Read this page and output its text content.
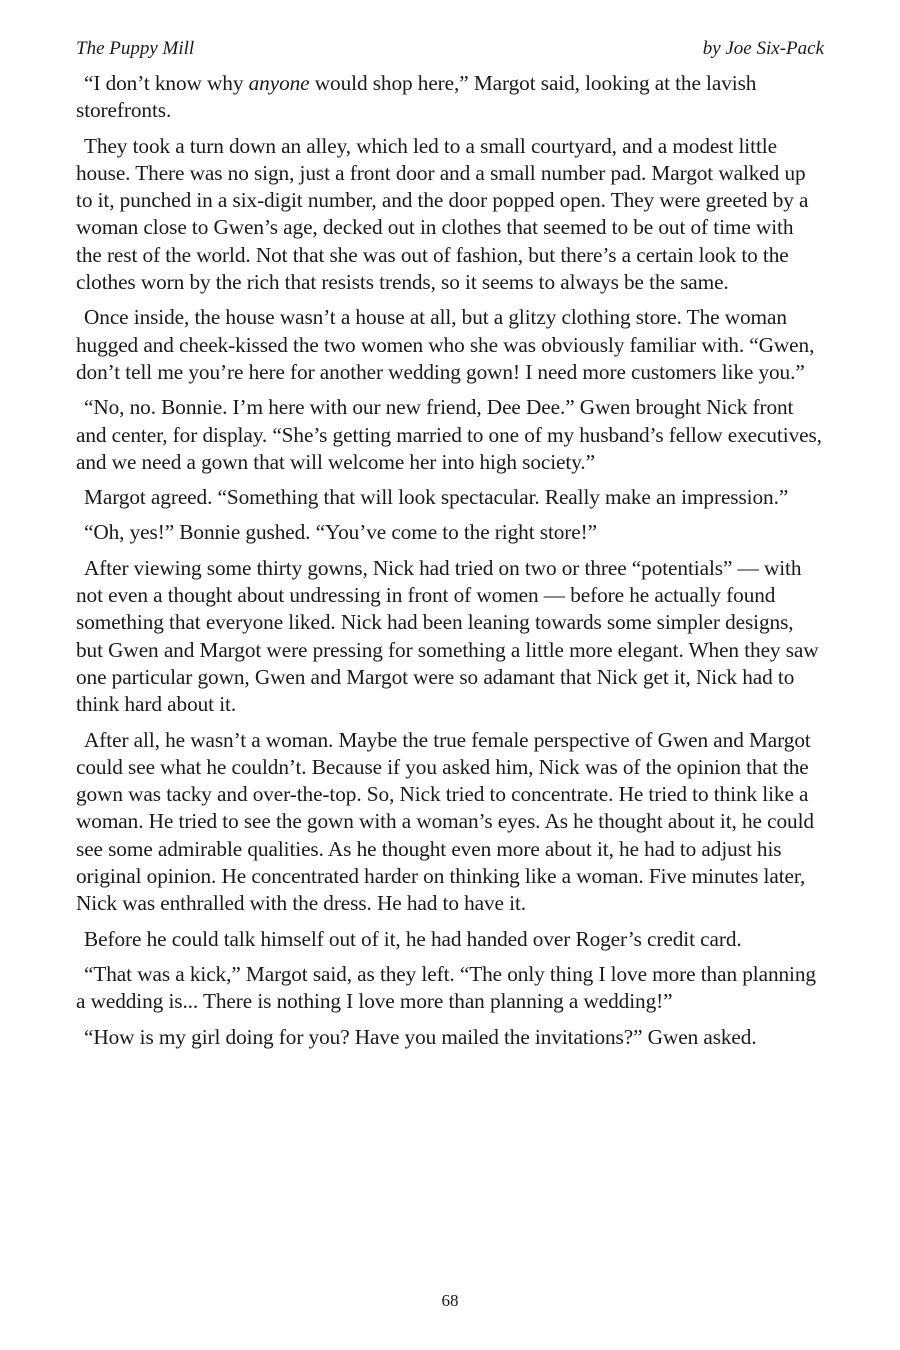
The Puppy Mill	by Joe Six-Pack

“I don’t know why anyone would shop here,” Margot said, looking at the lavish storefronts.

They took a turn down an alley, which led to a small courtyard, and a modest little house. There was no sign, just a front door and a small number pad. Margot walked up to it, punched in a six-digit number, and the door popped open. They were greeted by a woman close to Gwen’s age, decked out in clothes that seemed to be out of time with the rest of the world. Not that she was out of fashion, but there’s a certain look to the clothes worn by the rich that resists trends, so it seems to always be the same.

Once inside, the house wasn’t a house at all, but a glitzy clothing store. The woman hugged and cheek-kissed the two women who she was obviously familiar with. “Gwen, don’t tell me you’re here for another wedding gown! I need more customers like you.”

“No, no. Bonnie. I’m here with our new friend, Dee Dee.” Gwen brought Nick front and center, for display. “She’s getting married to one of my husband’s fellow executives, and we need a gown that will welcome her into high society.”

Margot agreed. “Something that will look spectacular. Really make an impression.”

“Oh, yes!” Bonnie gushed. “You’ve come to the right store!”

After viewing some thirty gowns, Nick had tried on two or three “potentials” — with not even a thought about undressing in front of women — before he actually found something that everyone liked. Nick had been leaning towards some simpler designs, but Gwen and Margot were pressing for something a little more elegant. When they saw one particular gown, Gwen and Margot were so adamant that Nick get it, Nick had to think hard about it.

After all, he wasn’t a woman. Maybe the true female perspective of Gwen and Margot could see what he couldn’t. Because if you asked him, Nick was of the opinion that the gown was tacky and over-the-top. So, Nick tried to concentrate. He tried to think like a woman. He tried to see the gown with a woman’s eyes. As he thought about it, he could see some admirable qualities. As he thought even more about it, he had to adjust his original opinion. He concentrated harder on thinking like a woman. Five minutes later, Nick was enthralled with the dress. He had to have it.

Before he could talk himself out of it, he had handed over Roger’s credit card.

“That was a kick,” Margot said, as they left. “The only thing I love more than planning a wedding is... There is nothing I love more than planning a wedding!”

“How is my girl doing for you? Have you mailed the invitations?” Gwen asked.

68
